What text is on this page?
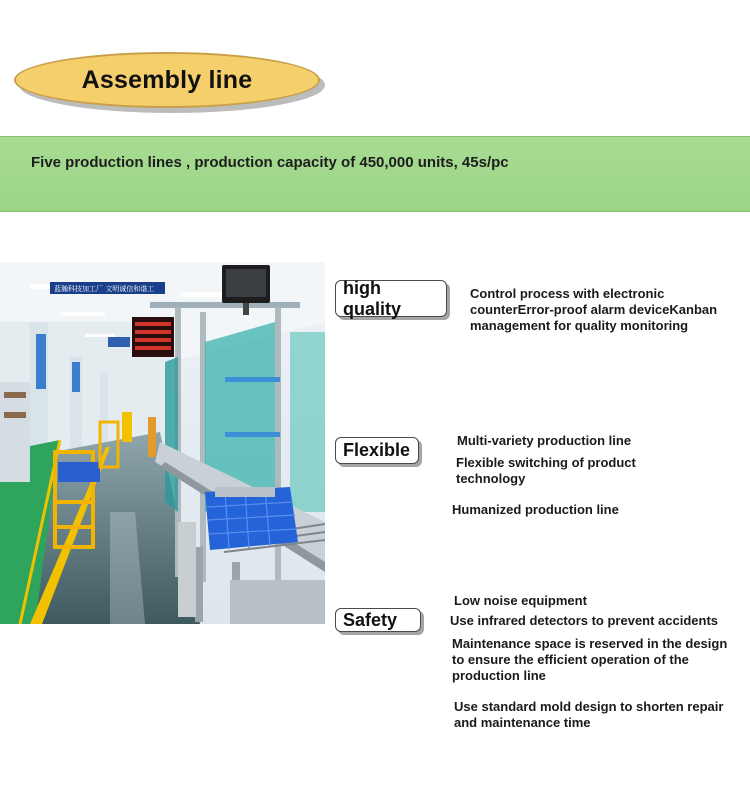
Assembly line
Five production lines , production capacity of 450,000 units, 45s/pc
蓝瀚科技加工厂 文明诚信和谐工	high quality

Control process with electronic

counterError-proof alarm deviceKanban

management for quality monitoring

Flexible	Multi-variety production line

Flexible switching of product

technology

Humanized production line

Safety

Low noise equipment

Use infrared detectors to prevent accidents

Maintenance space is reserved in the design

to ensure the efficient operation of the

production line

Use standard mold design to shorten repair

and maintenance time
